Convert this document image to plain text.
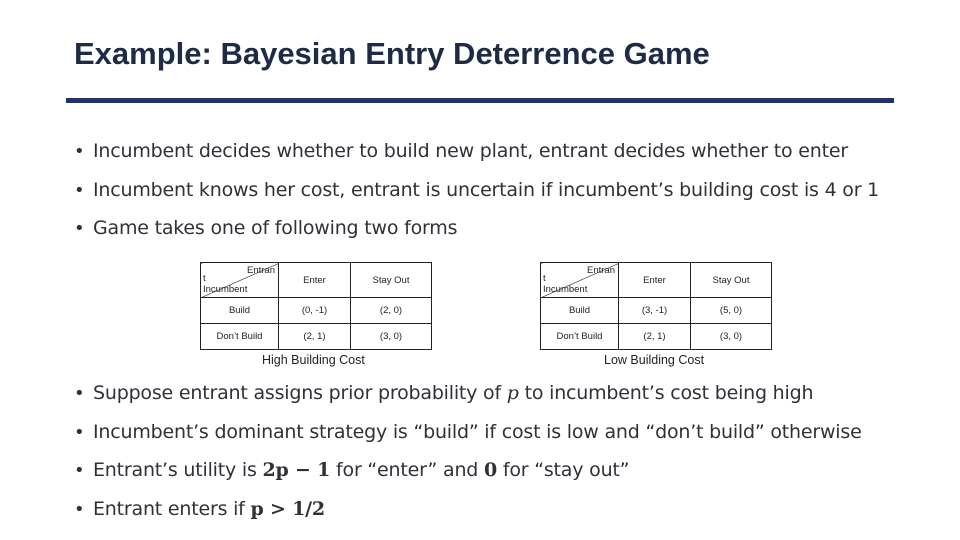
Example: Bayesian Entry Deterrence Game
• Incumbent decides whether to build new plant, entrant decides whether to enter
• Incumbent knows her cost, entrant is uncertain if incumbent’s building cost is 4 or 1
• Game takes one of following two forms
Entran
t
Incumbent	Enter	Stay Out
Build	(0, -1)	(2, 0)
Don’t Build	(2, 1)	(3, 0)
High Building Cost
Entran
t
Incumbent	Enter	Stay Out
Build	(3, -1)	(5, 0)
Don’t Build	(2, 1)	(3, 0)
Low Building Cost
• Suppose entrant assigns prior probability of p to incumbent’s cost being high
• Incumbent’s dominant strategy is “build” if cost is low and “don’t build” otherwise
• Entrant’s utility is 2p − 1 for “enter” and 0 for “stay out”
• Entrant enters if p > 1/2
